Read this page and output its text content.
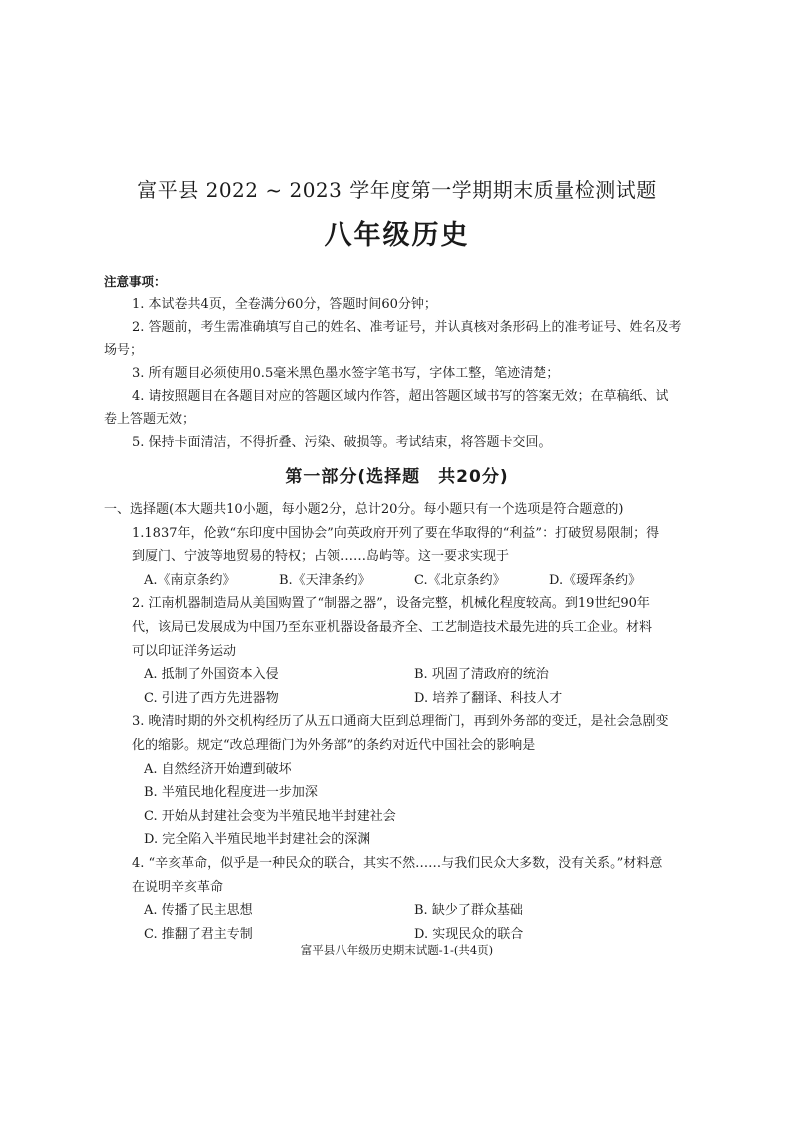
富平县 2022 ~ 2023 学年度第一学期期末质量检测试题
八年级历史
注意事项：
1. 本试卷共4页，全卷满分60分，答题时间60分钟；
2. 答题前，考生需准确填写自己的姓名、准考证号，并认真核对条形码上的准考证号、姓名及考
场号；
3. 所有题目必须使用0.5毫米黑色墨水签字笔书写，字体工整，笔迹清楚；
4. 请按照题目在各题目对应的答题区域内作答，超出答题区域书写的答案无效；在草稿纸、试
卷上答题无效；
5. 保持卡面清洁，不得折叠、污染、破损等。考试结束，将答题卡交回。
第一部分(选择题　共20分)
一、选择题(本大题共10小题，每小题2分，总计20分。每小题只有一个选项是符合题意的)
1.1837年，伦敦“东印度中国协会”向英政府开列了要在华取得的“利益”：打破贸易限制；得
到厦门、宁波等地贸易的特权；占领……岛屿等。这一要求实现于
A.《南京条约》	B.《天津条约》	C.《北京条约》	D.《瑷珲条约》
2. 江南机器制造局从美国购置了“制器之器”，设备完整，机械化程度较高。到19世纪90年
代，该局已发展成为中国乃至东亚机器设备最齐全、工艺制造技术最先进的兵工企业。材料
可以印证洋务运动
A. 抵制了外国资本入侵	B. 巩固了清政府的统治
C. 引进了西方先进器物	D. 培养了翻译、科技人才
3. 晚清时期的外交机构经历了从五口通商大臣到总理衙门，再到外务部的变迁，是社会急剧变
化的缩影。规定“改总理衙门为外务部”的条约对近代中国社会的影响是
A. 自然经济开始遭到破坏
B. 半殖民地化程度进一步加深
C. 开始从封建社会变为半殖民地半封建社会
D. 完全陷入半殖民地半封建社会的深渊
4. “辛亥革命，似乎是一种民众的联合，其实不然……与我们民众大多数，没有关系。”材料意
在说明辛亥革命
A. 传播了民主思想	B. 缺少了群众基础
C. 推翻了君主专制	D. 实现民众的联合
富平县八年级历史期末试题-1-(共4页)
